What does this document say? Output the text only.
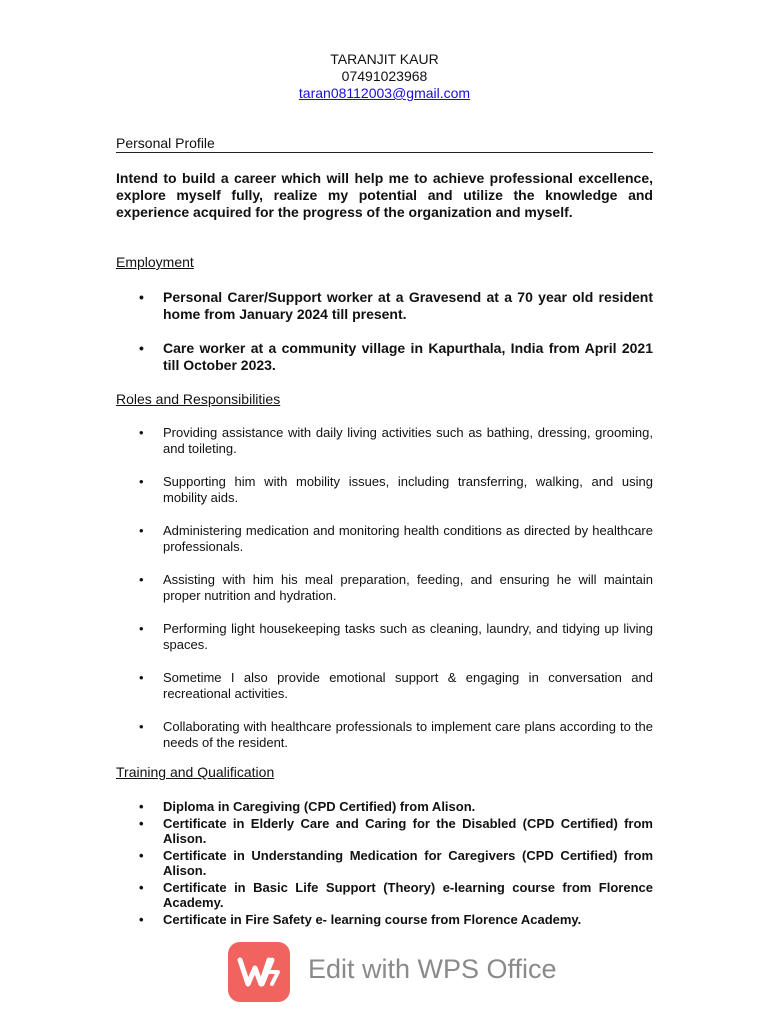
TARANJIT KAUR
07491023968
taran08112003@gmail.com
Personal Profile
Intend to build a career which will help me to achieve professional excellence, explore myself fully, realize my potential and utilize the knowledge and experience acquired for the progress of the organization and myself.
Employment
• Personal Carer/Support worker at a Gravesend at a 70 year old resident home from January 2024 till present.
• Care worker at a community village in Kapurthala, India from April 2021 till October 2023.
Roles and Responsibilities
• Providing assistance with daily living activities such as bathing, dressing, grooming, and toileting.
• Supporting him with mobility issues, including transferring, walking, and using mobility aids.
• Administering medication and monitoring health conditions as directed by healthcare professionals.
• Assisting with him his meal preparation, feeding, and ensuring he will maintain proper nutrition and hydration.
• Performing light housekeeping tasks such as cleaning, laundry, and tidying up living spaces.
• Sometime I also provide emotional support & engaging in conversation and recreational activities.
• Collaborating with healthcare professionals to implement care plans according to the needs of the resident.
Training and Qualification
• Diploma in Caregiving (CPD Certified) from Alison.
• Certificate in Elderly Care and Caring for the Disabled (CPD Certified) from Alison.
• Certificate in Understanding Medication for Caregivers (CPD Certified) from Alison.
• Certificate in Basic Life Support (Theory) e-learning course from Florence Academy.
• Certificate in Fire Safety e- learning course from Florence Academy.
Edit with WPS Office
